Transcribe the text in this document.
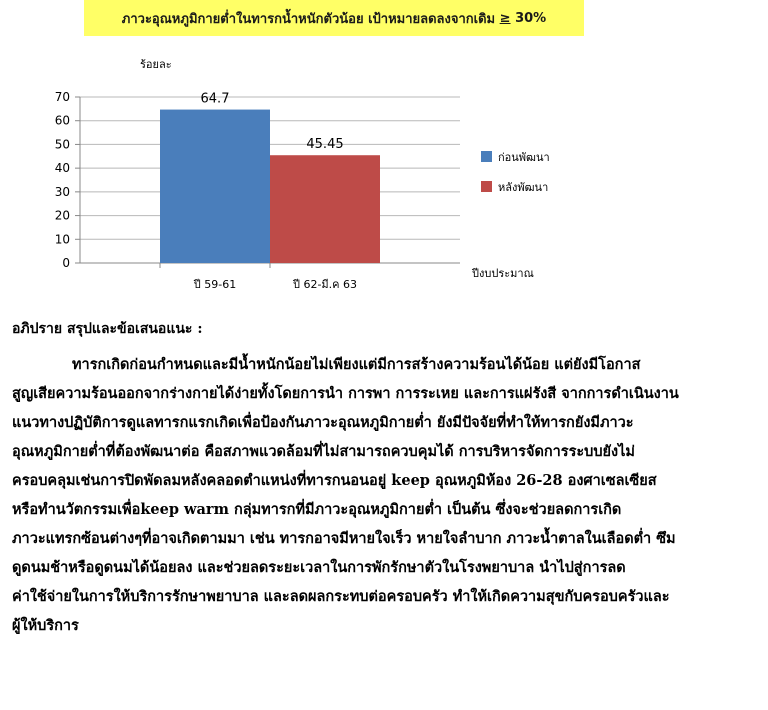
ภาวะอุณหภูมิกายต่ำในทารกน้ำหนักตัวน้อย เป้าหมายลดลงจากเดิม
≥
30%
0
10
20
30
40
50
60
70	64.7
45.45
ปี 59-61	ปี 62-มี.ค 63
ร้อยละ
ปีงบประมาณ
ก่อนพัฒนา
หลังพัฒนา
อภิปราย สรุปและข้อเสนอแนะ :

ทารกเกิดก่อนกำหนดและมีน้ำหนักน้อยไม่เพียงแต่มีการสร้างความร้อนได้น้อย แต่ยังมีโอกาส

สูญเสียความร้อนออกจากร่างกายได้ง่ายทั้งโดยการนำ การพา การระเหย และการแผ่รังสี จากการดำเนินงาน

แนวทางปฏิบัติการดูแลทารกแรกเกิดเพื่อป้องกันภาวะอุณหภูมิกายต่ำ ยังมีปัจจัยที่ทำให้ทารกยังมีภาวะ

อุณหภูมิกายต่ำที่ต้องพัฒนาต่อ คือสภาพแวดล้อมที่ไม่สามารถควบคุมได้ การบริหารจัดการระบบยังไม่

ครอบคลุมเช่นการปิดพัดลมหลังคลอดตำแหน่งที่ทารกนอนอยู่ keep อุณหภูมิห้อง 26-28 องศาเซลเซียส

หรือทำนวัตกรรมเพื่อkeep warm กลุ่มทารกที่มีภาวะอุณหภูมิกายต่ำ เป็นต้น ซึ่งจะช่วยลดการเกิด

ภาวะแทรกซ้อนต่างๆที่อาจเกิดตามมา เช่น ทารกอาจมีหายใจเร็ว หายใจลำบาก ภาวะน้ำตาลในเลือดต่ำ ซึม

ดูดนมช้าหรือดูดนมได้น้อยลง และช่วยลดระยะเวลาในการพักรักษาตัวในโรงพยาบาล นำไปสู่การลด

ค่าใช้จ่ายในการให้บริการรักษาพยาบาล และลดผลกระทบต่อครอบครัว ทำให้เกิดความสุขกับครอบครัวและ

ผู้ให้บริการ
